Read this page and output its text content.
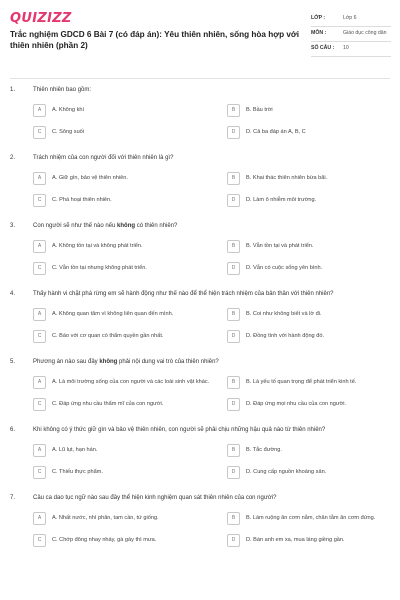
QUIZIZZ
Trắc nghiệm GDCD 6 Bài 7 (có đáp án): Yêu thiên nhiên, sống hòa hợp với thiên nhiên (phần 2)
LỚP :	Lớp 6
MÔN :	Giáo dục công dân
SỐ CÂU :	10
1.	Thiên nhiên bao gồm:
A	A. Không khí	B	B. Bầu trời
C	C. Sông suối	D	D. Cả ba đáp án A, B, C
2.	Trách nhiệm của con người đối với thiên nhiên là gì?
A	A. Giữ gìn, bảo vệ thiên nhiên.	B	B. Khai thác thiên nhiên bừa bãi.
C	C. Phá hoại thiên nhiên.	D	D. Làm ô nhiễm môi trường.
3.	Con người sẽ như thế nào nếu không có thiên nhiên?
A	A. Không tồn tại và không phát triển.	B	B. Vẫn tồn tại và phát triển.
C	C. Vẫn tồn tại nhưng không phát triển.	D	D. Vẫn có cuộc sống yên bình.
4.	Thấy hành vi chặt phá rừng em sẽ hành động như thế nào để thể hiện trách nhiệm của bản thân với thiên nhiên?
A	A. Không quan tâm vì không liên quan đến mình.	B	B. Coi như không biết và lờ đi.
C	C. Báo với cơ quan có thẩm quyền gần nhất.	D	D. Đồng tình với hành động đó.
5.	Phương án nào sau đây không phải nội dung vai trò của thiên nhiên?
A	A. Là môi trường sống của con người và các loài sinh vật khác.	B	B. Là yếu tố quan trọng để phát triển kinh tế.
C	C. Đáp ứng nhu cầu thẩm mĩ của con người.	D	D. Đáp ứng mọi nhu cầu của con người.
6.	Khi không có ý thức giữ gìn và bảo vệ thiên nhiên, con người sẽ phải chịu những hậu quả nào từ thiên nhiên?
A	A. Lũ lụt, hạn hán.	B	B. Tắc đường.
C	C. Thiếu thực phẩm.	D	D. Cung cấp nguồn khoáng sản.
7.	Câu ca dao tục ngữ nào sau đây thể hiện kinh nghiệm quan sát thiên nhiên của con người?
A	A. Nhất nước, nhì phân, tam cần, tứ giống.	B	B. Làm ruộng ăn cơm nằm, chăn tằm ăn cơm đứng.
C	C. Chớp đông nhay nháy, gà gáy thì mưa.	D	D. Bán anh em xa, mua láng giềng gần.
